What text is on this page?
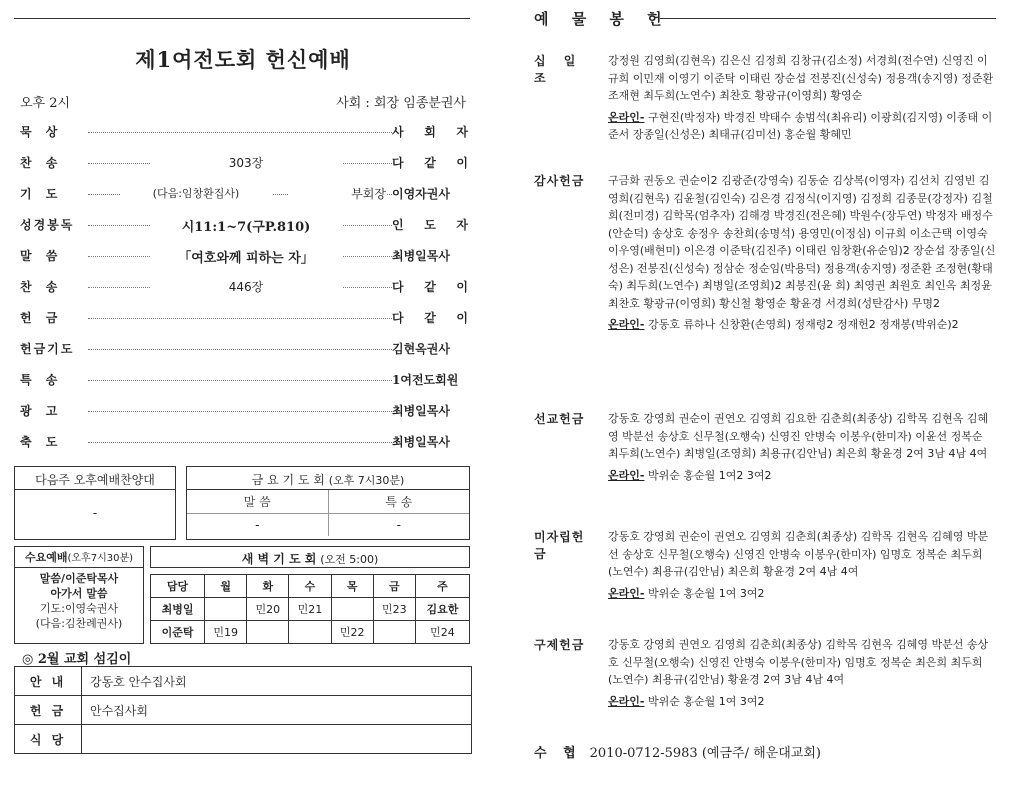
제1여전도회 헌신예배
오후 2시	사회 : 회장 임종분권사
묵 상	사 회 자
찬 송	303장	다 같 이
기 도	(다음:임창환집사)	부회장 이영자권사
성경봉독	시11:1~7(구P.810)	인 도 자
말 씀	「여호와께 피하는 자」	최병일목사
찬 송	446장	다 같 이
헌 금	다 같 이
헌금기도	김현옥권사
특 송	1여전도회원
광 고	최병일목사
축 도	최병일목사
다음주 오후예배찬양대
-
금 요 기 도 회 (오후 7시30분)
말 씀	특 송
-	-
수요예배(오후7시30분)
말씀/이준탁목사
아가서 말씀
기도:이영숙권사
(다음:김찬례권사)
새 벽 기 도 회 (오전 5:00)
담당	월	화	수	목	금	주
최병일		민20	민21		민23	김요한
이준탁	민19			민22		민24
◎ 2월 교회 섬김이
안 내	강동호 안수집사회
헌 금	안수집사회
식 당	
예 물 봉 헌
십 일 조
강정원 김영희(김현옥) 김은신 김정희 김창규(김소정) 서경희(전수연) 신영진 이규희 이민재 이영기 이준탁 이태린 장순섭 전봉진(신성숙) 정용객(송지영) 정준환 조재현 최두희(노연수) 최찬호 황광규(이영희) 황영순
온라인- 구현진(박정자) 박경진 박태수 송범석(최유리) 이광희(김지영) 이종태 이준서 장종일(신성은) 최태규(김미선) 홍순월 황혜민
감사헌금	구금화 권동오 권순이2 김광준(강영숙) 김동순 김상복(이영자) 김선치 김영빈 김영희(김현옥) 김윤철(김인숙) 김은경 김정식(이지영) 김정희 김종문(강정자) 김철희(전미경) 김학목(엄추자) 김해경 박경진(전은혜) 박원수(장두연) 박정자 배정수(안순덕) 송상호 송정우 송찬희(송명석) 용영민(이정심) 이규희 이소근택 이영숙 이우영(배현미) 이은경 이준탁(김진주) 이태린 임창환(유순임)2 장순섭 장종일(신성은) 전봉진(신성숙) 정삼순 정순임(박용덕) 정용객(송지영) 정준환 조정현(황태숙) 최두희(노연수) 최병일(조영희)2 최봉진(윤 희) 최영권 최원호 최인옥 최정윤 최찬호 황광규(이영희) 황신철 황영순 황윤경 서경희(성탄감사) 무명2
온라인- 강동호 류하나 신창환(손영희) 정재령2 정재헌2 정재봉(박위순)2
선교헌금	강동호 강영희 권순이 권연오 김영희 김요한 김춘희(최종상) 김학목 김현옥 김혜영 박분선 송상호 신무철(오행숙) 신영진 안병숙 이봉우(한미자) 이윤선 정복순 최두희(노연수) 최병일(조영희) 최용규(김안님) 최은희 황윤경 2여 3남 4남 4여
온라인- 박위순 홍순월 1여2 3여2
미자립헌금
강동호 강영희 권순이 권연오 김영희 김춘희(최종상) 김학목 김현옥 김혜영 박분선 송상호 신무철(오행숙) 신영진 안병숙 이봉우(한미자) 임명호 정복순 최두희(노연수) 최용규(김안님) 최은희 황윤경 2여 4남 4여
온라인- 박위순 홍순월 1여 3여2
구제헌금	강동호 강영희 권연오 김영희 김춘희(최종상) 김학목 김현옥 김혜영 박분선 송상호 신무철(오행숙) 신영진 안병숙 이봉우(한미자) 임명호 정복순 최은희 최두희(노연수) 최용규(김안님) 황윤경 2여 3남 4남 4여
온라인- 박위순 홍순월 1여 3여2
수 협 2010-0712-5983 (예금주/ 해운대교회)
